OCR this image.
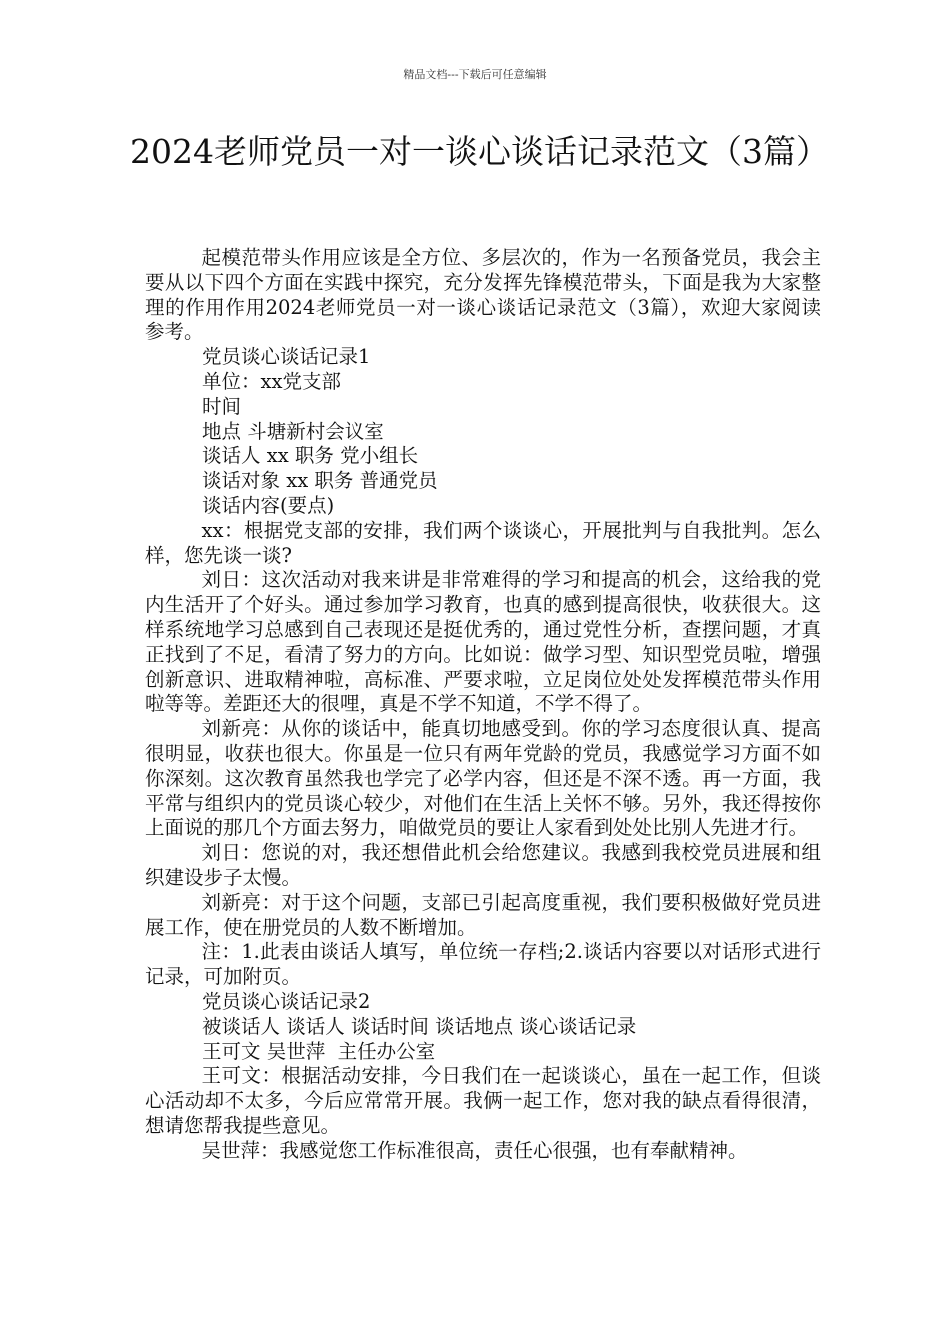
精品文档---下载后可任意编辑
2024老师党员一对一谈心谈话记录范文（3篇）

起模范带头作用应该是全方位、多层次的，作为一名预备党员，我会主要从以下四个方面在实践中探究，充分发挥先锋模范带头，下面是我为大家整理的作用作用2024老师党员一对一谈心谈话记录范文（3篇），欢迎大家阅读参考。

党员谈心谈话记录1

单位：xx党支部

时间

地点 斗塘新村会议室

谈话人 xx 职务 党小组长

谈话对象 xx 职务 普通党员

谈话内容(要点)

xx：根据党支部的安排，我们两个谈谈心，开展批判与自我批判。怎么样，您先谈一谈?

刘日：这次活动对我来讲是非常难得的学习和提高的机会，这给我的党内生活开了个好头。通过参加学习教育，也真的感到提高很快，收获很大。这样系统地学习总感到自己表现还是挺优秀的，通过党性分析，查摆问题，才真正找到了不足，看清了努力的方向。比如说：做学习型、知识型党员啦，增强创新意识、进取精神啦，高标准、严要求啦，立足岗位处处发挥模范带头作用啦等等。差距还大的很哩，真是不学不知道，不学不得了。

刘新亮：从你的谈话中，能真切地感受到。你的学习态度很认真、提高很明显，收获也很大。你虽是一位只有两年党龄的党员，我感觉学习方面不如你深刻。这次教育虽然我也学完了必学内容，但还是不深不透。再一方面，我平常与组织内的党员谈心较少，对他们在生活上关怀不够。另外，我还得按你上面说的那几个方面去努力，咱做党员的要让人家看到处处比别人先进才行。

刘日：您说的对，我还想借此机会给您建议。我感到我校党员进展和组织建设步子太慢。

刘新亮：对于这个问题，支部已引起高度重视，我们要积极做好党员进展工作，使在册党员的人数不断增加。

注：1.此表由谈话人填写，单位统一存档;2.谈话内容要以对话形式进行记录，可加附页。

党员谈心谈话记录2

被谈话人 谈话人 谈话时间 谈话地点 谈心谈话记录

王可文 吴世萍  主任办公室

王可文：根据活动安排，今日我们在一起谈谈心，虽在一起工作，但谈心活动却不太多，今后应常常开展。我俩一起工作，您对我的缺点看得很清，想请您帮我提些意见。

吴世萍：我感觉您工作标准很高，责任心很强，也有奉献精神。
